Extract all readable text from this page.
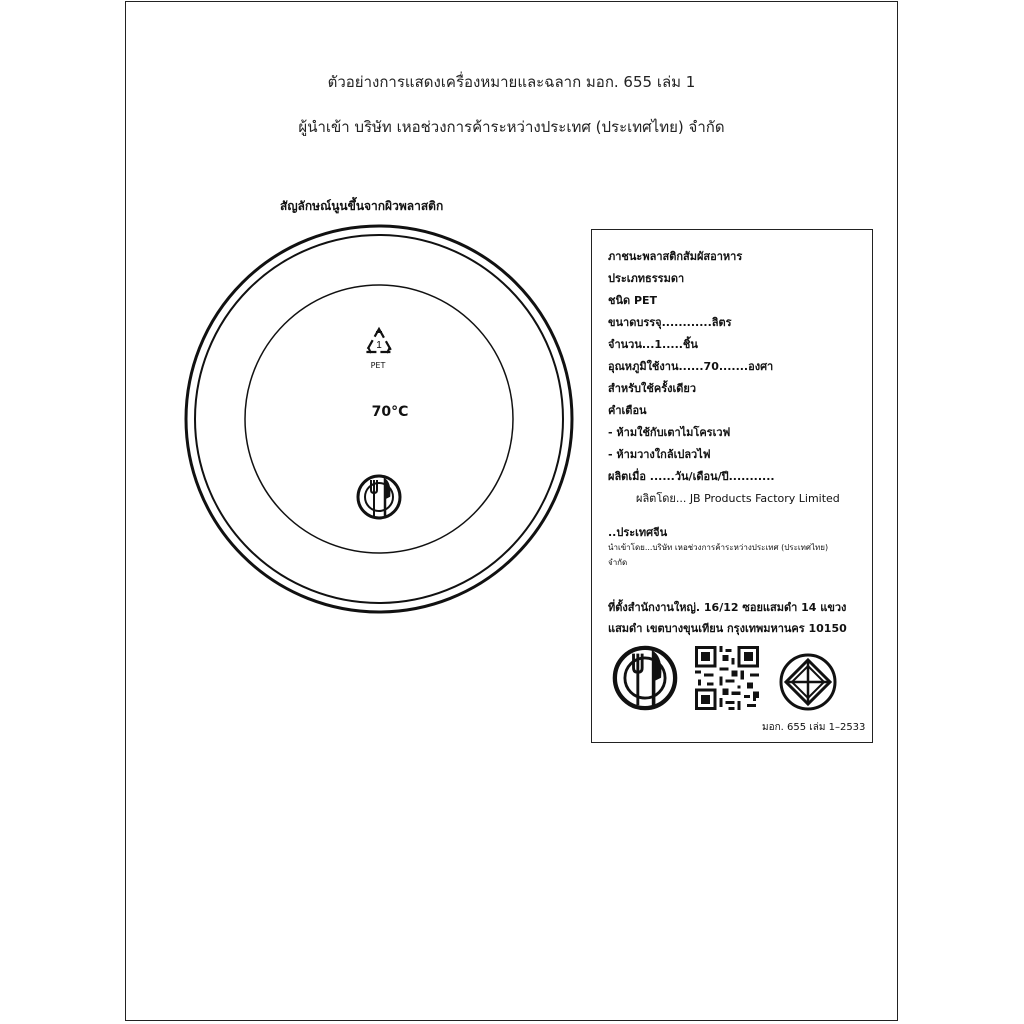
ตัวอย่างการแสดงเครื่องหมายและฉลาก มอก. 655 เล่ม 1
ผู้นำเข้า บริษัท เหอช่วงการค้าระหว่างประเทศ (ประเทศไทย) จำกัด
สัญลักษณ์นูนขึ้นจากผิวพลาสติก
1
PET
70°C
ภาชนะพลาสติกสัมผัสอาหาร
ประเภทธรรมดา
ชนิด PET
ขนาดบรรจุ............ลิตร
จำนวน...1.....ชิ้น
อุณหภูมิใช้งาน......70.......องศา
สำหรับใช้ครั้งเดียว
คำเตือน
- ห้ามใช้กับเตาไมโครเวฟ
- ห้ามวางใกล้เปลวไฟ
ผลิตเมื่อ ......วัน/เดือน/ปี...........
ผลิตโดย... JB Products Factory Limited
..ประเทศจีน
นำเข้าโดย...บริษัท เหอช่วงการค้าระหว่างประเทศ (ประเทศไทย)
จำกัด
ที่ตั้งสำนักงานใหญ่. 16/12 ซอยแสมดำ 14 แขวง
แสมดำ เขตบางขุนเทียน กรุงเทพมหานคร 10150
มอก. 655 เล่ม 1–2533
